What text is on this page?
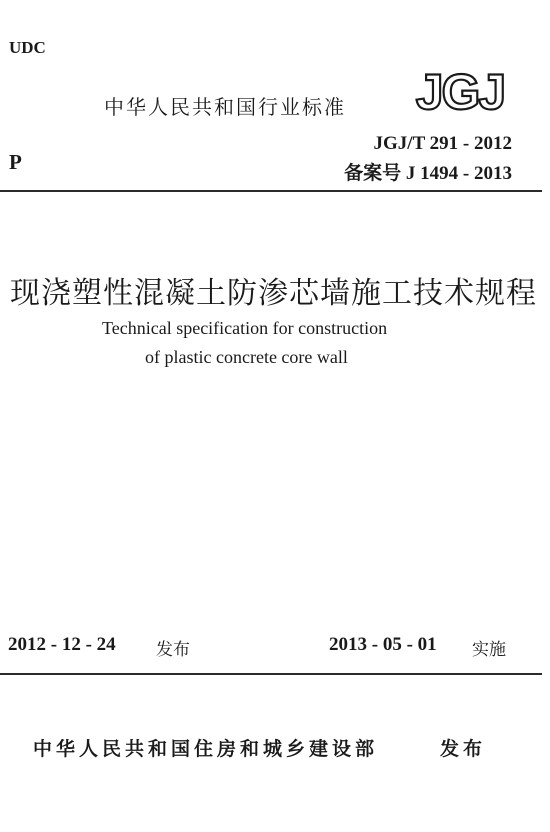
UDC
中华人民共和国行业标准 JGJ
JGJ/T 291 - 2012
P	备案号 J 1494 - 2013
现浇塑性混凝土防渗芯墙施工技术规程
Technical specification for construction
of plastic concrete core wall
2012 - 12 - 24 发布	2013 - 05 - 01 实施
中华人民共和国住房和城乡建设部	发布
